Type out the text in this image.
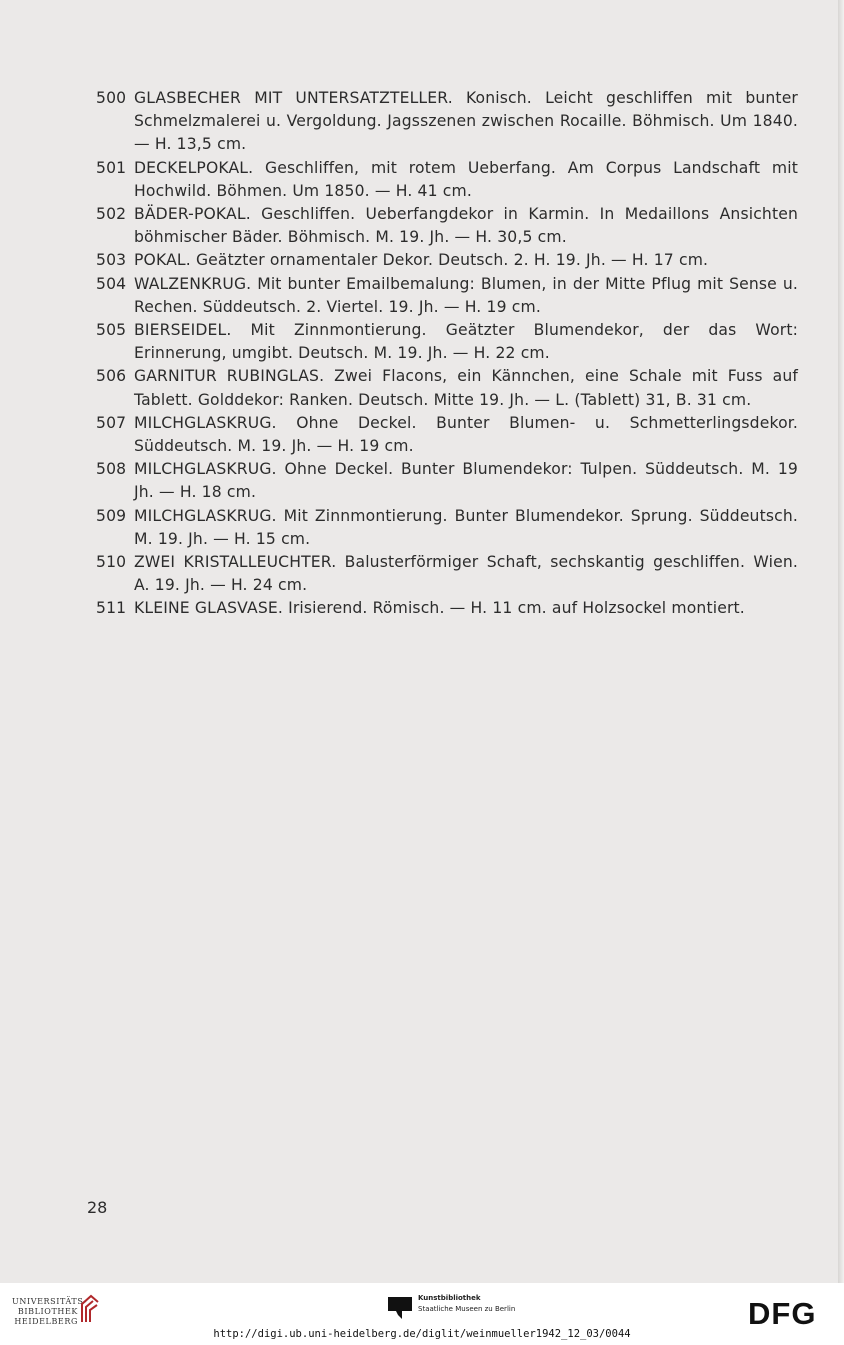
500 GLASBECHER MIT UNTERSATZTELLER. Konisch. Leicht geschliffen mit bunter Schmelzmalerei u. Vergoldung. Jagsszenen zwischen Rocaille. Böhmisch. Um 1840. — H. 13,5 cm.
501 DECKELPOKAL. Geschliffen, mit rotem Ueberfang. Am Corpus Landschaft mit Hochwild. Böhmen. Um 1850. — H. 41 cm.
502 BÄDER-POKAL. Geschliffen. Ueberfangdekor in Karmin. In Medaillons Ansichten böhmischer Bäder. Böhmisch. M. 19. Jh. — H. 30,5 cm.
503 POKAL. Geätzter ornamentaler Dekor. Deutsch. 2. H. 19. Jh. — H. 17 cm.
504 WALZENKRUG. Mit bunter Emailbemalung: Blumen, in der Mitte Pflug mit Sense u. Rechen. Süddeutsch. 2. Viertel. 19. Jh. — H. 19 cm.
505 BIERSEIDEL. Mit Zinnmontierung. Geätzter Blumendekor, der das Wort: Erinnerung, umgibt. Deutsch. M. 19. Jh. — H. 22 cm.
506 GARNITUR RUBINGLAS. Zwei Flacons, ein Kännchen, eine Schale mit Fuss auf Tablett. Golddekor: Ranken. Deutsch. Mitte 19. Jh. — L. (Tablett) 31, B. 31 cm.
507 MILCHGLASKRUG. Ohne Deckel. Bunter Blumen- u. Schmetterlingsdekor. Süddeutsch. M. 19. Jh. — H. 19 cm.
508 MILCHGLASKRUG. Ohne Deckel. Bunter Blumendekor: Tulpen. Süddeutsch. M. 19 Jh. — H. 18 cm.
509 MILCHGLASKRUG. Mit Zinnmontierung. Bunter Blumendekor. Sprung. Süddeutsch. M. 19. Jh. — H. 15 cm.
510 ZWEI KRISTALLEUCHTER. Balusterförmiger Schaft, sechskantig geschliffen. Wien. A. 19. Jh. — H. 24 cm.
511 KLEINE GLASVASE. Irisierend. Römisch. — H. 11 cm. auf Holzsockel montiert.
28
UNIVERSITÄTS-
BIBLIOTHEK
HEIDELBERG
Kunstbibliothek
Staatliche Museen zu Berlin	DFG
http://digi.ub.uni-heidelberg.de/diglit/weinmueller1942_12_03/0044
